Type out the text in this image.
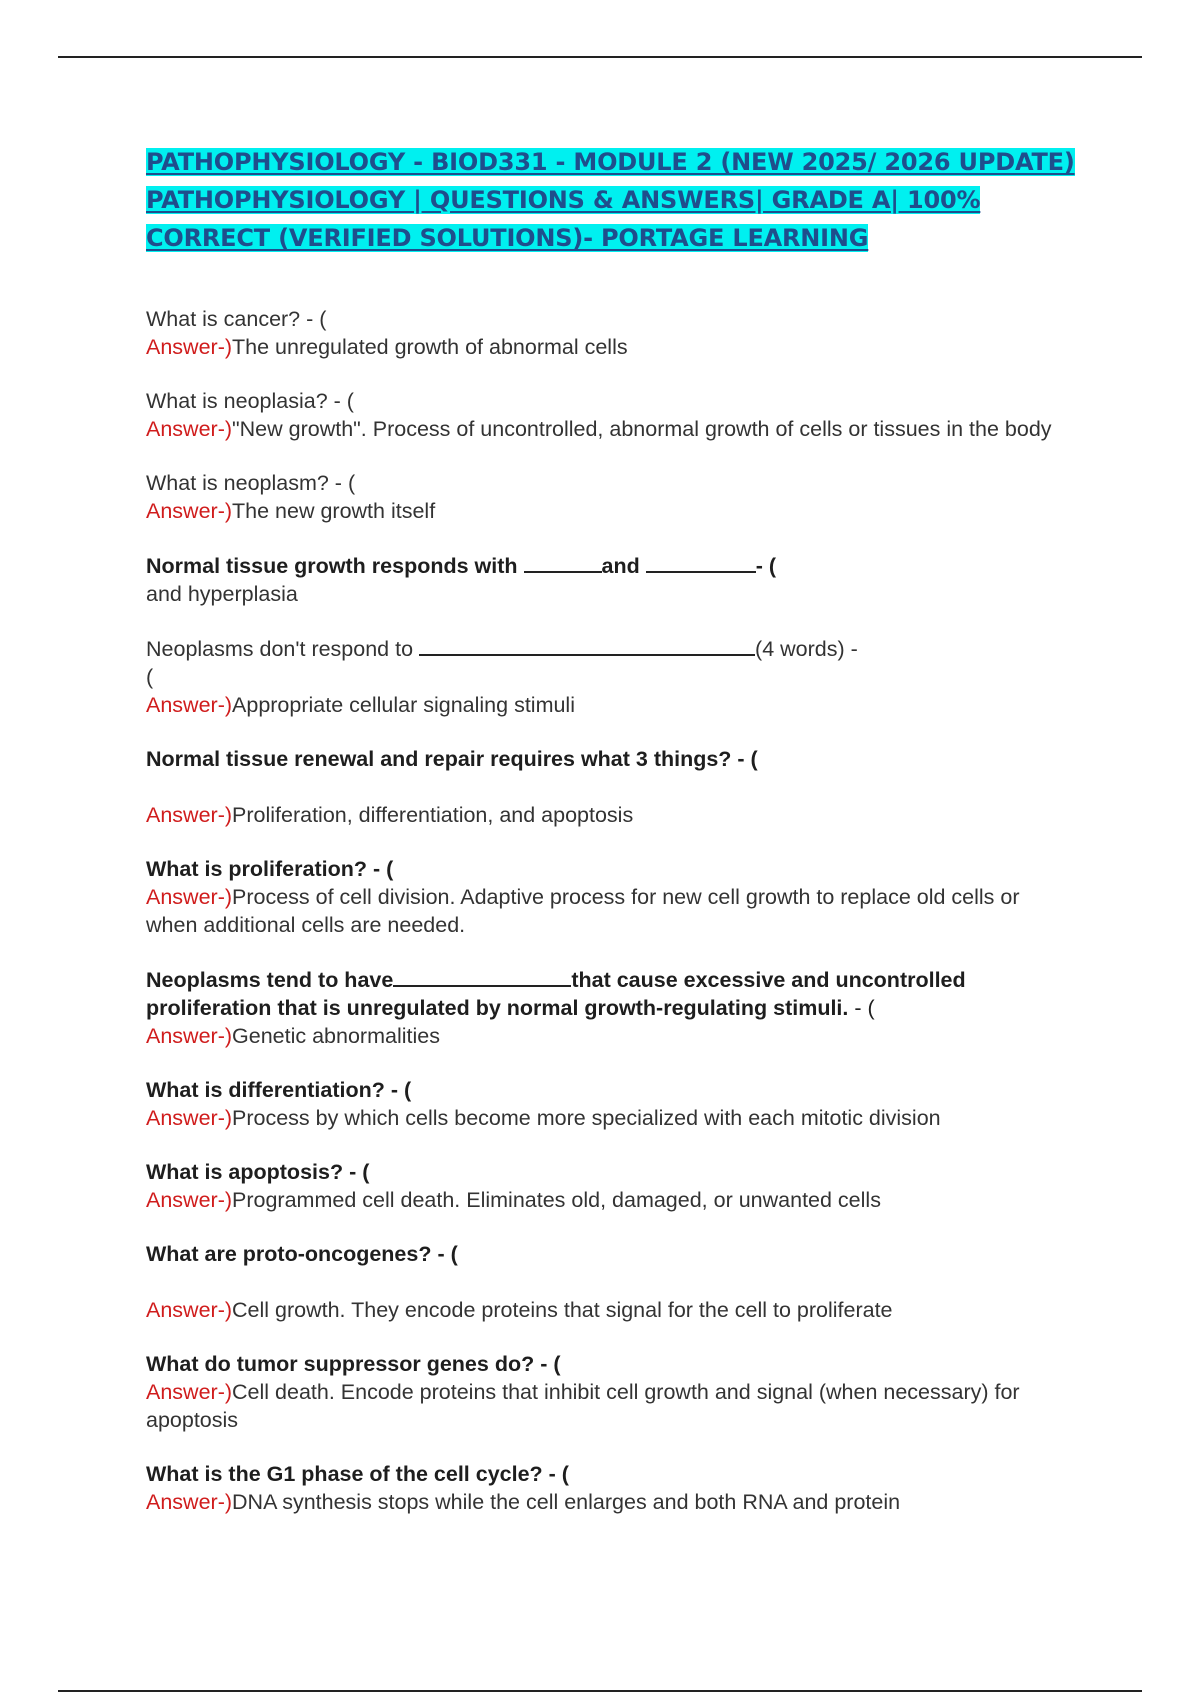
PATHOPHYSIOLOGY - BIOD331 - MODULE 2 (NEW 2025/ 2026 UPDATE) PATHOPHYSIOLOGY | QUESTIONS & ANSWERS| GRADE A| 100% CORRECT (VERIFIED SOLUTIONS)- PORTAGE LEARNING
What is cancer? - (
Answer-)The unregulated growth of abnormal cells
What is neoplasia? - (
Answer-)"New growth". Process of uncontrolled, abnormal growth of cells or tissues in the body
What is neoplasm? - (
Answer-)The new growth itself
Normal tissue growth responds with	and	- (
and hyperplasia
Neoplasms don't respond to	(4 words) -
(
Answer-)Appropriate cellular signaling stimuli
Normal tissue renewal and repair requires what 3 things? - (
Answer-)Proliferation, differentiation, and apoptosis
What is proliferation? - (
Answer-)Process of cell division. Adaptive process for new cell growth to replace old cells or when additional cells are needed.
Neoplasms tend to have	that cause excessive and uncontrolled proliferation that is unregulated by normal growth-regulating stimuli. - (
Answer-)Genetic abnormalities
What is differentiation? - (
Answer-)Process by which cells become more specialized with each mitotic division
What is apoptosis? - (
Answer-)Programmed cell death. Eliminates old, damaged, or unwanted cells
What are proto-oncogenes? - (
Answer-)Cell growth. They encode proteins that signal for the cell to proliferate
What do tumor suppressor genes do? - (
Answer-)Cell death. Encode proteins that inhibit cell growth and signal (when necessary) for apoptosis
What is the G1 phase of the cell cycle? - (
Answer-)DNA synthesis stops while the cell enlarges and both RNA and protein
